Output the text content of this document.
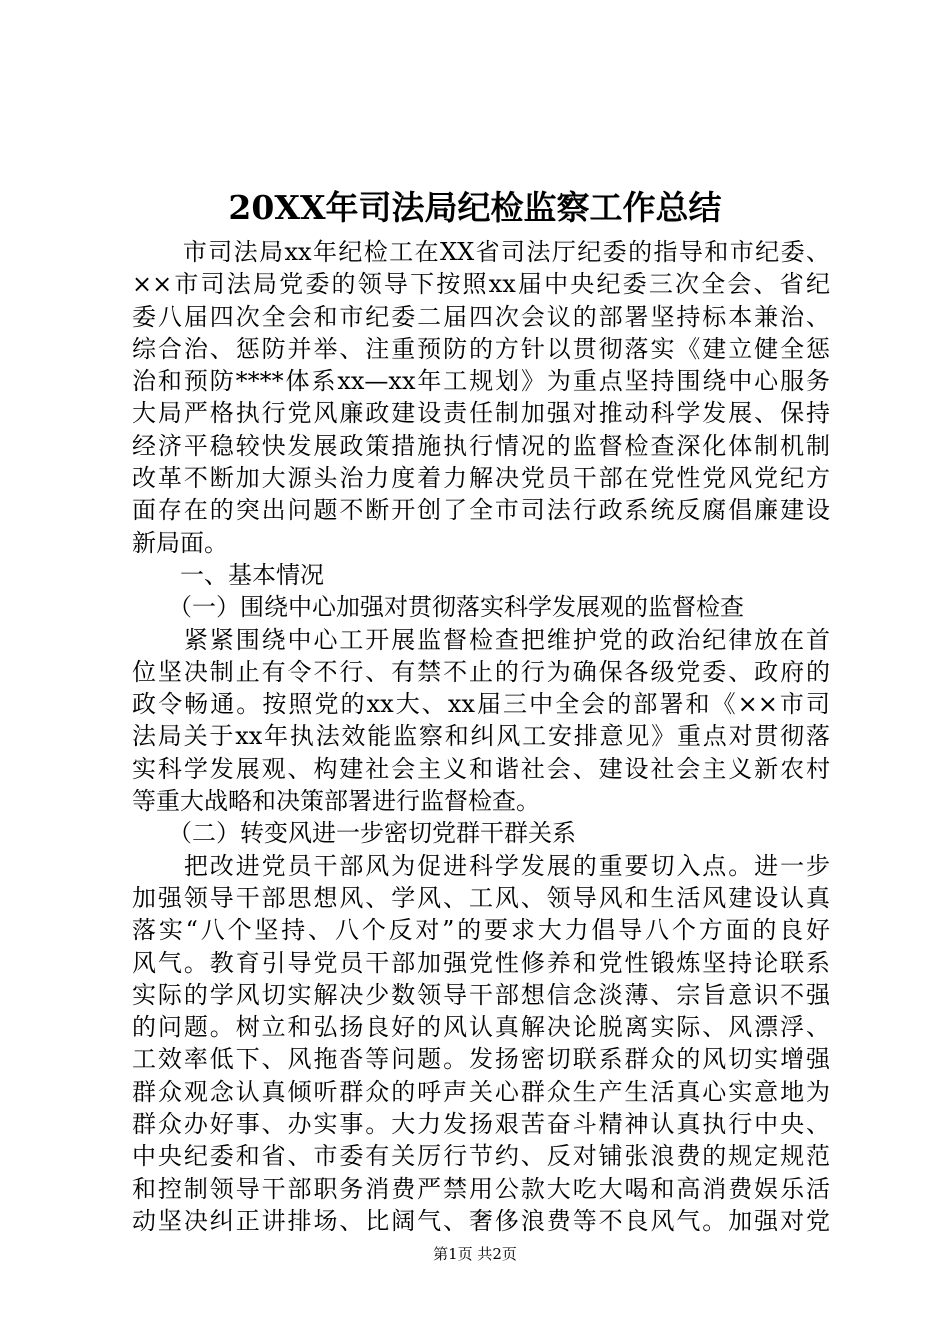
20XX年司法局纪检监察工作总结
　　市司法局xx年纪检工在XX省司法厅纪委的指导和市纪委、
××市司法局党委的领导下按照xx届中央纪委三次全会、省纪
委八届四次全会和市纪委二届四次会议的部署坚持标本兼治、
综合治、惩防并举、注重预防的方针以贯彻落实《建立健全惩
治和预防****体系xx—xx年工规划》为重点坚持围绕中心服务
大局严格执行党风廉政建设责任制加强对推动科学发展、保持
经济平稳较快发展政策措施执行情况的监督检查深化体制机制
改革不断加大源头治力度着力解决党员干部在党性党风党纪方
面存在的突出问题不断开创了全市司法行政系统反腐倡廉建设
新局面。
　　一、基本情况
　　（一）围绕中心加强对贯彻落实科学发展观的监督检查
　　紧紧围绕中心工开展监督检查把维护党的政治纪律放在首
位坚决制止有令不行、有禁不止的行为确保各级党委、政府的
政令畅通。按照党的xx大、xx届三中全会的部署和《××市司
法局关于xx年执法效能监察和纠风工安排意见》重点对贯彻落
实科学发展观、构建社会主义和谐社会、建设社会主义新农村
等重大战略和决策部署进行监督检查。
　　（二）转变风进一步密切党群干群关系
　　把改进党员干部风为促进科学发展的重要切入点。进一步
加强领导干部思想风、学风、工风、领导风和生活风建设认真
落实“八个坚持、八个反对”的要求大力倡导八个方面的良好
风气。教育引导党员干部加强党性修养和党性锻炼坚持论联系
实际的学风切实解决少数领导干部想信念淡薄、宗旨意识不强
的问题。树立和弘扬良好的风认真解决论脱离实际、风漂浮、
工效率低下、风拖沓等问题。发扬密切联系群众的风切实增强
群众观念认真倾听群众的呼声关心群众生产生活真心实意地为
群众办好事、办实事。大力发扬艰苦奋斗精神认真执行中央、
中央纪委和省、市委有关厉行节约、反对铺张浪费的规定规范
和控制领导干部职务消费严禁用公款大吃大喝和高消费娱乐活
动坚决纠正讲排场、比阔气、奢侈浪费等不良风气。加强对党
第1页 共2页
